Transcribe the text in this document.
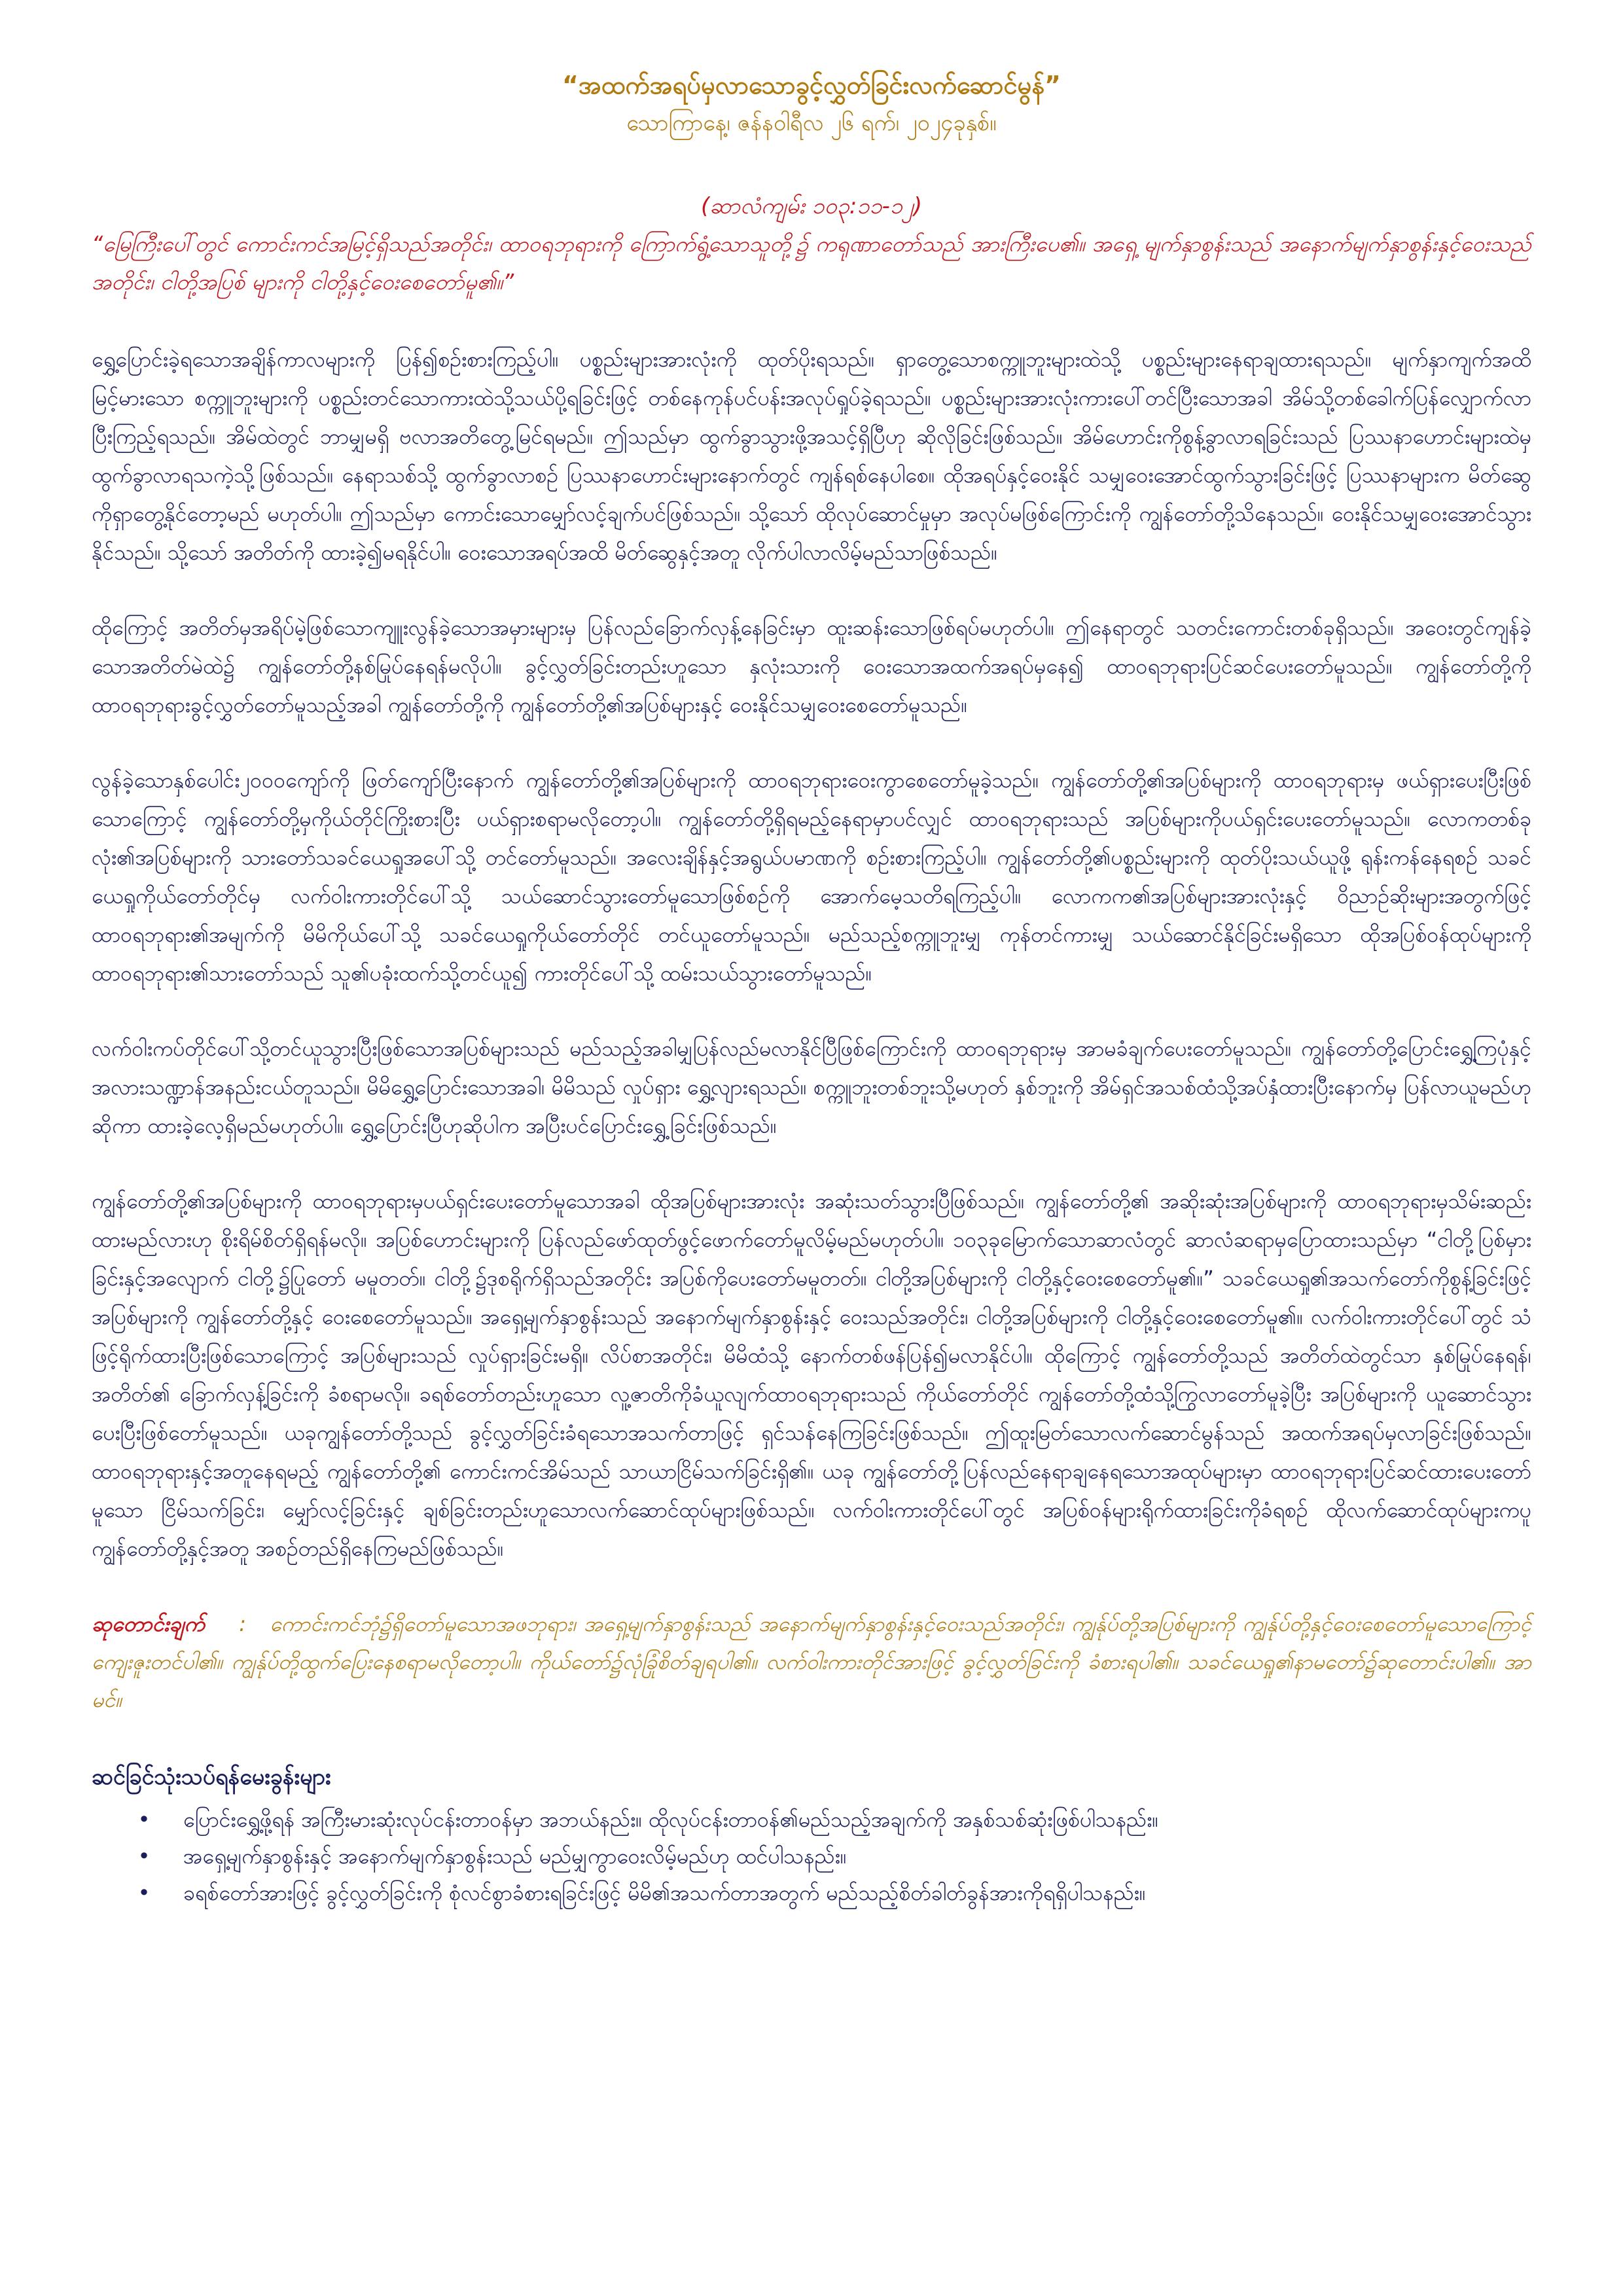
“အထက်အရပ်မှလာသောခွင့်လွှတ်ခြင်းလက်ဆောင်မွန်”

သောကြာနေ့၊ ဇန်နဝါရီလ ၂၆ ရက်၊ ၂၀၂၄ခုနှစ်။

(ဆာလံကျမ်း ၁၀၃:၁၁-၁၂)

“မြေကြီးပေါ်တွင် ကောင်းကင်အမြင့်ရှိသည်အတိုင်း၊ ထာဝရဘုရားကို ကြောက်ရွံ့သောသူတို့၌ ကရုဏာတော်သည် အားကြီးပေ၏။ အရှေ့ မျက်နှာစွန်းသည် အနောက်မျက်နှာစွန်းနှင့်ဝေးသည်အတိုင်း၊ ငါတို့အပြစ် များကို ငါတို့နှင့်ဝေးစေတော်မူ၏။”

ရွှေ့ပြောင်းခဲ့ရသောအချိန်ကာလများကို ပြန်၍စဉ်းစားကြည့်ပါ။ ပစ္စည်းများအားလုံးကို ထုတ်ပိုးရသည်။ ရှာတွေ့သောစက္ကူဘူးများထဲသို့ ပစ္စည်းများနေရာချထားရသည်။ မျက်နှာကျက်အထိမြင့်မားသော စက္ကူဘူးများကို ပစ္စည်းတင်သောကားထဲသို့သယ်ပို့ရခြင်းဖြင့် တစ်နေကုန်ပင်ပန်းအလုပ်ရှုပ်ခဲ့ရသည်။ ပစ္စည်းများအားလုံးကားပေါ်တင်ပြီးသောအခါ အိမ်သို့တစ်ခေါက်ပြန်လျှောက်လာပြီးကြည့်ရသည်။ အိမ်ထဲတွင် ဘာမျှမရှိ ဗလာအတိတွေ့မြင်ရမည်။ ဤသည်မှာ ထွက်ခွာသွားဖို့အသင့်ရှိပြီဟု ဆိုလိုခြင်းဖြစ်သည်။ အိမ်ဟောင်းကိုစွန့်ခွာလာရခြင်းသည် ပြဿနာဟောင်းများထဲမှ ထွက်ခွာလာရသကဲ့သို့ဖြစ်သည်။ နေရာသစ်သို့ ထွက်ခွာလာစဉ် ပြဿနာဟောင်းများနောက်တွင် ကျန်ရစ်နေပါစေ။ ထိုအရပ်နှင့်ဝေးနိုင် သမျှဝေးအောင်ထွက်သွားခြင်းဖြင့် ပြဿနာများက မိတ်ဆွေကိုရှာတွေ့နိုင်တော့မည် မဟုတ်ပါ။ ဤသည်မှာ ကောင်းသောမျှော်လင့်ချက်ပင်ဖြစ်သည်။ သို့သော် ထိုလုပ်ဆောင်မှုမှာ အလုပ်မဖြစ်ကြောင်းကို ကျွန်တော်တို့သိနေသည်။ ဝေးနိုင်သမျှဝေးအောင်သွားနိုင်သည်။ သို့သော် အတိတ်ကို ထားခဲ့၍မရနိုင်ပါ။ ဝေးသောအရပ်အထိ မိတ်ဆွေနှင့်အတူ လိုက်ပါလာလိမ့်မည်သာဖြစ်သည်။

ထိုကြောင့် အတိတ်မှအရိပ်မဲ့ဖြစ်သောကျူးလွန်ခဲ့သောအမှားများမှ ပြန်လည်ခြောက်လှန့်နေခြင်းမှာ ထူးဆန်းသောဖြစ်ရပ်မဟုတ်ပါ။ ဤနေရာတွင် သတင်းကောင်းတစ်ခုရှိသည်။ အဝေးတွင်ကျန်ခဲ့သောအတိတ်မဲထဲ၌ ကျွန်တော်တို့နစ်မြုပ်နေရန်မလိုပါ။ ခွင့်လွှတ်ခြင်းတည်းဟူသော နှလုံးသားကို ဝေးသောအထက်အရပ်မှနေ၍ ထာဝရဘုရားပြင်ဆင်ပေးတော်မူသည်။ ကျွန်တော်တို့ကို ထာဝရဘုရားခွင့်လွှတ်တော်မူသည့်အခါ ကျွန်တော်တို့ကို ကျွန်တော်တို့၏အပြစ်များနှင့် ဝေးနိုင်သမျှဝေးစေတော်မူသည်။

လွန်ခဲ့သောနှစ်ပေါင်း၂၀၀၀ကျော်ကို ဖြတ်ကျော်ပြီးနောက် ကျွန်တော်တို့၏အပြစ်များကို ထာဝရဘုရားဝေးကွာစေတော်မူခဲ့သည်။ ကျွန်တော်တို့၏အပြစ်များကို ထာဝရဘုရားမှ ဖယ်ရှားပေးပြီးဖြစ်သောကြောင့် ကျွန်တော်တို့မှကိုယ်တိုင်ကြိုးစားပြီး ပယ်ရှားစရာမလိုတော့ပါ။ ကျွန်တော်တို့ရှိရမည့်နေရာမှာပင်လျှင် ထာဝရဘုရားသည် အပြစ်များကိုပယ်ရှင်းပေးတော်မူသည်။ လောကတစ်ခုလုံး၏အပြစ်များကို သားတော်သခင်ယေရှုအပေါ်သို့ တင်တော်မူသည်။ အလေးချိန်နှင့်အရွယ်ပမာဏကို စဉ်းစားကြည့်ပါ။ ကျွန်တော်တို့၏ပစ္စည်းများကို ထုတ်ပိုးသယ်ယူဖို့ ရုန်းကန်နေရစဉ် သခင်ယေရှုကိုယ်တော်တိုင်မှ လက်ဝါးကားတိုင်ပေါ်သို့ သယ်ဆောင်သွားတော်မူသောဖြစ်စဉ်ကို အောက်မေ့သတိရကြည့်ပါ။ လောကက၏အပြစ်များအားလုံးနှင့် ဝိညာဉ်ဆိုးများအတွက်ဖြင့် ထာဝရဘုရား၏အမျက်ကို မိမိကိုယ်ပေါ်သို့ သခင်ယေရှုကိုယ်တော်တိုင် တင်ယူတော်မူသည်။ မည်သည့်စက္ကူဘူးမျှ ကုန်တင်ကားမျှ သယ်ဆောင်နိုင်ခြင်းမရှိသော ထိုအပြစ်ဝန်ထုပ်များကို ထာဝရဘုရား၏သားတော်သည် သူ၏ပခုံးထက်သို့တင်ယူ၍ ကားတိုင်ပေါ်သို့ ထမ်းသယ်သွားတော်မူသည်။

လက်ဝါးကပ်တိုင်ပေါ်သို့တင်ယူသွားပြီးဖြစ်သောအပြစ်များသည် မည်သည့်အခါမျှပြန်လည်မလာနိုင်ပြီဖြစ်ကြောင်းကို ထာဝရဘုရားမှ အာမခံချက်ပေးတော်မူသည်။ ကျွန်တော်တို့ပြောင်းရွှေ့ကြပုံနှင့် အလားသဏ္ဍာန်အနည်းငယ်တူသည်။ မိမိရွှေ့ပြောင်းသောအခါ၊ မိမိသည် လှုပ်ရှား ရွှေ့လျားရသည်။ စက္ကူဘူးတစ်ဘူးသို့မဟုတ် နှစ်ဘူးကို အိမ်ရှင်အသစ်ထံသို့အပ်နှံထားပြီးနောက်မှ ပြန်လာယူမည်ဟုဆိုကာ ထားခဲ့လေ့ရှိမည်မဟုတ်ပါ။ ရွှေ့ပြောင်းပြီဟုဆိုပါက အပြီးပင်ပြောင်းရွှေ့ခြင်းဖြစ်သည်။

ကျွန်တော်တို့၏အပြစ်များကို ထာဝရဘုရားမှပယ်ရှင်းပေးတော်မူသောအခါ ထိုအပြစ်များအားလုံး အဆုံးသတ်သွားပြီဖြစ်သည်။ ကျွန်တော်တို့၏ အဆိုးဆုံးအပြစ်များကို ထာဝရဘုရားမှသိမ်းဆည်းထားမည်လားဟု စိုးရိမ်စိတ်ရှိရန်မလို။ အပြစ်ဟောင်းများကို ပြန်လည်ဖော်ထုတ်ဖွင့်ဖောက်တော်မူလိမ့်မည်မဟုတ်ပါ။ ၁၀၃ခုမြောက်သောဆာလံတွင် ဆာလံဆရာမှပြောထားသည်မှာ “ငါတို့ပြစ်မှားခြင်းနှင့်အလျောက် ငါတို့၌ပြုတော် မမူတတ်။ ငါတို့၌ဒုစရိုက်ရှိသည်အတိုင်း အပြစ်ကိုပေးတော်မမူတတ်။ ငါတို့အပြစ်များကို ငါတို့နှင့်ဝေးစေတော်မူ၏။” သခင်ယေရှု၏အသက်တော်ကိုစွန့်ခြင်းဖြင့် အပြစ်များကို ကျွန်တော်တို့နှင့် ဝေးစေတော်မူသည်။ အရှေ့မျက်နှာစွန်းသည် အနောက်မျက်နှာစွန်းနှင့် ဝေးသည်အတိုင်း၊ ငါတို့အပြစ်များကို ငါတို့နှင့်ဝေးစေတော်မူ၏။ လက်ဝါးကားတိုင်ပေါ်တွင် သံဖြင့်ရိုက်ထားပြီးဖြစ်သောကြောင့် အပြစ်များသည် လှုပ်ရှားခြင်းမရှိ။ လိပ်စာအတိုင်း၊ မိမိထံသို့ နောက်တစ်ဖန်ပြန်၍မလာနိုင်ပါ။ ထိုကြောင့် ကျွန်တော်တို့သည် အတိတ်ထဲတွင်သာ နှစ်မြုပ်နေရန်၊ အတိတ်၏ ခြောက်လှန့်ခြင်းကို ခံစရာမလို။ ခရစ်တော်တည်းဟူသော လူ့ဇာတိကိုခံယူလျက်ထာဝရဘုရားသည် ကိုယ်တော်တိုင် ကျွန်တော်တို့ထံသို့ကြွလာတော်မူခဲ့ပြီး အပြစ်များကို ယူဆောင်သွားပေးပြီးဖြစ်တော်မူသည်။ ယခုကျွန်တော်တို့သည် ခွင့်လွှတ်ခြင်းခံရသောအသက်တာဖြင့် ရှင်သန်နေကြခြင်းဖြစ်သည်။ ဤထူးမြတ်သောလက်ဆောင်မွန်သည် အထက်အရပ်မှလာခြင်းဖြစ်သည်။ ထာဝရဘုရားနှင့်အတူနေရမည့် ကျွန်တော်တို့၏ ကောင်းကင်အိမ်သည် သာယာငြိမ်သက်ခြင်းရှိ၏။ ယခု ကျွန်တော်တို့ပြန်လည်နေရာချနေရသောအထုပ်များမှာ ထာဝရဘုရားပြင်ဆင်ထားပေးတော်မူသော ငြိမ်သက်ခြင်း၊ မျှော်လင့်ခြင်းနှင့် ချစ်ခြင်းတည်းဟူသောလက်ဆောင်ထုပ်များဖြစ်သည်။ လက်ဝါးကားတိုင်ပေါ်တွင် အပြစ်ဝန်များရိုက်ထားခြင်းကိုခံရစဉ် ထိုလက်ဆောင်ထုပ်များကပူ ကျွန်တော်တို့နှင့်အတူ အစဉ်တည်ရှိနေကြမည်ဖြစ်သည်။

ဆုတောင်းချက် : ကောင်းကင်ဘုံ၌ရှိတော်မူသောအဖဘုရား၊ အရှေ့မျက်နှာစွန်းသည် အနောက်မျက်နှာစွန်းနှင့်ဝေးသည်အတိုင်း၊ ကျွန်ုပ်တို့အပြစ်များကို ကျွန်ုပ်တို့နှင့်ဝေးစေတော်မူသောကြောင့် ကျေးဇူးတင်ပါ၏။ ကျွန်ုပ်တို့ထွက်ပြေးနေစရာမလိုတော့ပါ။ ကိုယ်တော်၌လုံခြုံစိတ်ချရပါ၏။ လက်ဝါးကားတိုင်အားဖြင့် ခွင့်လွှတ်ခြင်းကို ခံစားရပါ၏။ သခင်ယေရှု၏နာမတော်၌ဆုတောင်းပါ၏။ အာမင်။

ဆင်ခြင်သုံးသပ်ရန်မေးခွန်းများ
•	ပြောင်းရွှေ့ဖို့ရန် အကြီးမားဆုံးလုပ်ငန်းတာဝန်မှာ အဘယ်နည်း။ ထိုလုပ်ငန်းတာဝန်၏မည်သည့်အချက်ကို အနှစ်သစ်ဆုံးဖြစ်ပါသနည်း။
•	အရှေ့မျက်နှာစွန်းနှင့် အနောက်မျက်နှာစွန်းသည် မည်မျှကွာဝေးလိမ့်မည်ဟု ထင်ပါသနည်း။
•	ခရစ်တော်အားဖြင့် ခွင့်လွှတ်ခြင်းကို စုံလင်စွာခံစားရခြင်းဖြင့် မိမိ၏အသက်တာအတွက် မည်သည့်စိတ်ခါတ်ခွန်အားကိုရရှိပါသနည်း။
